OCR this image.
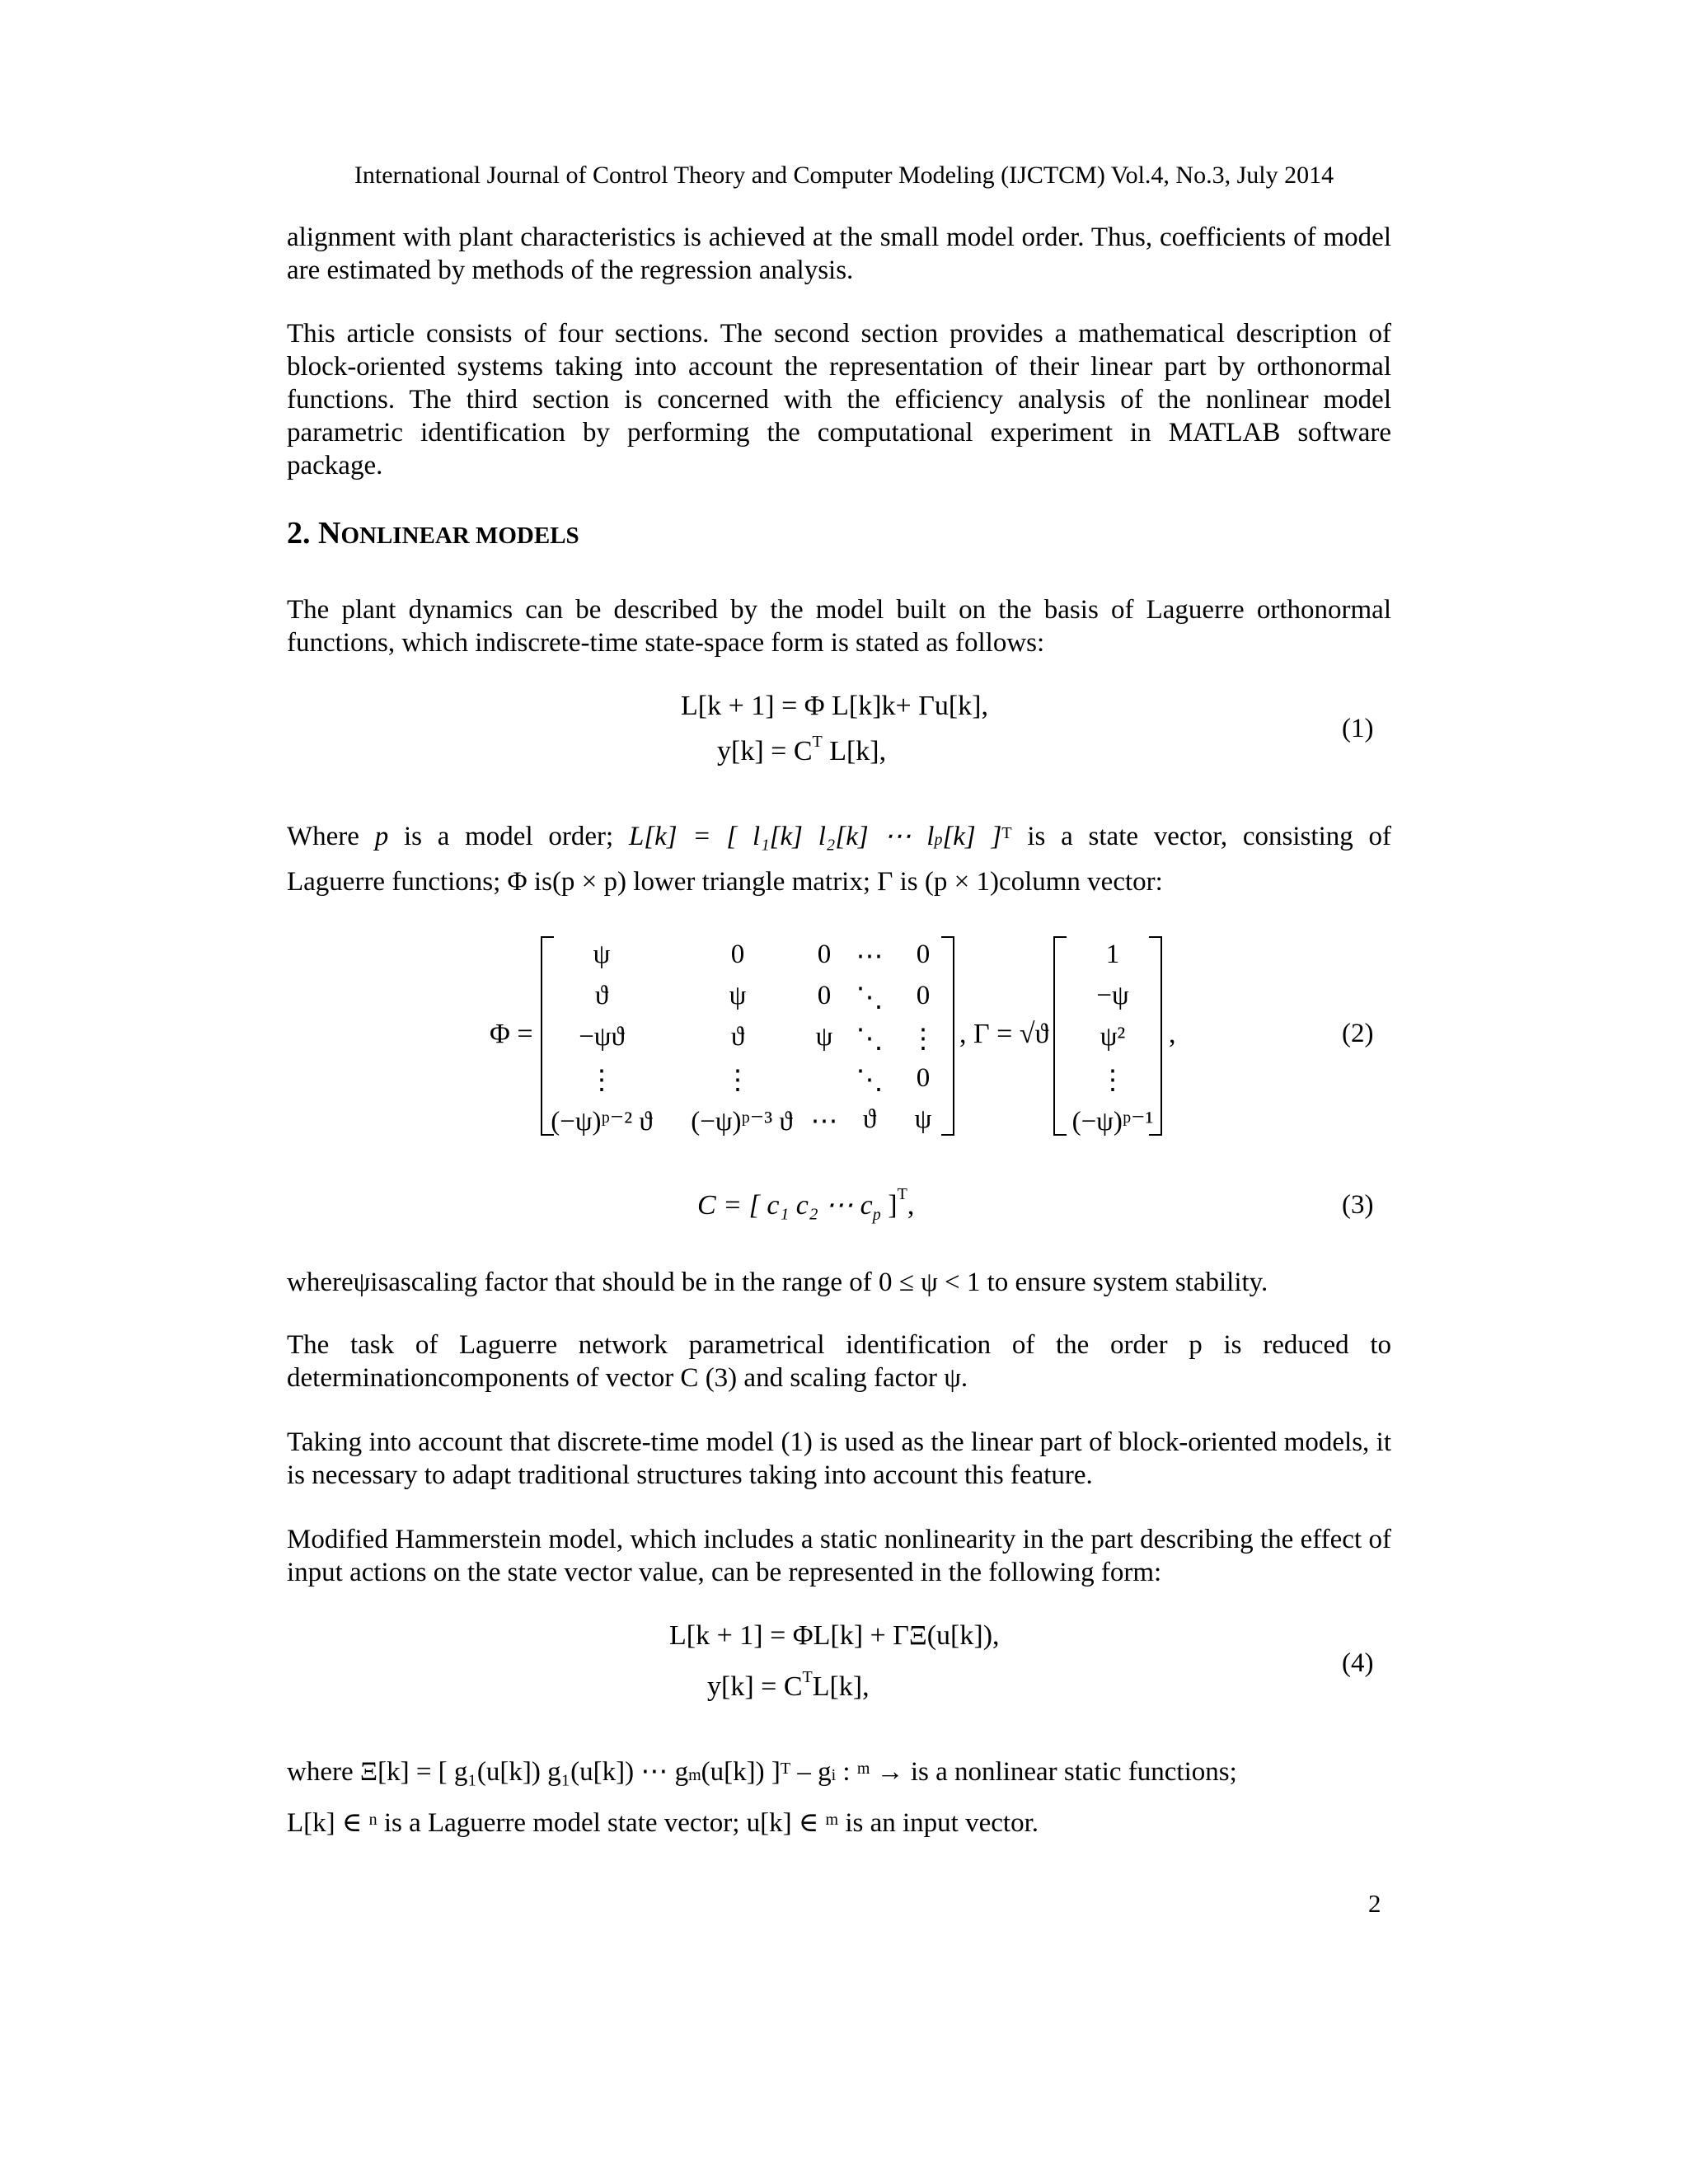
International Journal of Control Theory and Computer Modeling (IJCTCM) Vol.4, No.3, July 2014
alignment with plant characteristics is achieved at the small model order. Thus, coefficients of model are estimated by methods of the regression analysis.
This article consists of four sections. The second section provides a mathematical description of block-oriented systems taking into account the representation of their linear part by orthonormal functions. The third section is concerned with the efficiency analysis of the nonlinear model parametric identification by performing the computational experiment in MATLAB software package.
2. NONLINEAR MODELS
The plant dynamics can be described by the model built on the basis of Laguerre orthonormal functions, which indiscrete-time state-space form is stated as follows:
L[k + 1] = Φ L[k]k+ Γu[k],
$y[k] = C^T$ L[k],
(1)
Where p is a model order; L[k] = [ l₁[k] l₂[k] ⋯ $l_p[k]$ ]$^T$ is a state vector, consisting of
Laguerre functions; Φ is(p × p) lower triangle matrix; Γ is (p × 1)column vector:
Φ =
ψ	0	0 ⋯	0
ϑ	ψ	0 ⋱	0
−ψϑ	ϑ	ψ ⋱ ⋮
⋮	⋮	⋱	0
(−ψ)ᵖ⁻² ϑ	(−ψ)ᵖ⁻³ ϑ ⋯ ϑ	ψ
, Γ = √ϑ
1
−ψ
ψ²
⋮
(−ψ)ᵖ⁻¹
,	(2)
C = [ c₁ c₂ ⋯ $c_p$ ]$^T$,	(3)
whereψisascaling factor that should be in the range of 0 ≤ ψ < 1 to ensure system stability.
The task of Laguerre network parametrical identification of the order p is reduced to determinationcomponents of vector C (3) and scaling factor ψ.
Taking into account that discrete-time model (1) is used as the linear part of block-oriented models, it is necessary to adapt traditional structures taking into account this feature.
Modified Hammerstein model, which includes a static nonlinearity in the part describing the effect of input actions on the state vector value, can be represented in the following form:
L[k + 1] = ΦL[k] + ΓΞ(u[k]),
$y[k] = C^TL[k]$,
(4)
where Ξ[k] = [ g₁(u[k]) g₁(u[k]) ⋯ $g_m(u[k])$ ]$^T - g_i$ : $^m$ → is a nonlinear static functions;
L[k] ∈ $^n$ is a Laguerre model state vector; u[k] ∈ $^m$ is an input vector.
2
